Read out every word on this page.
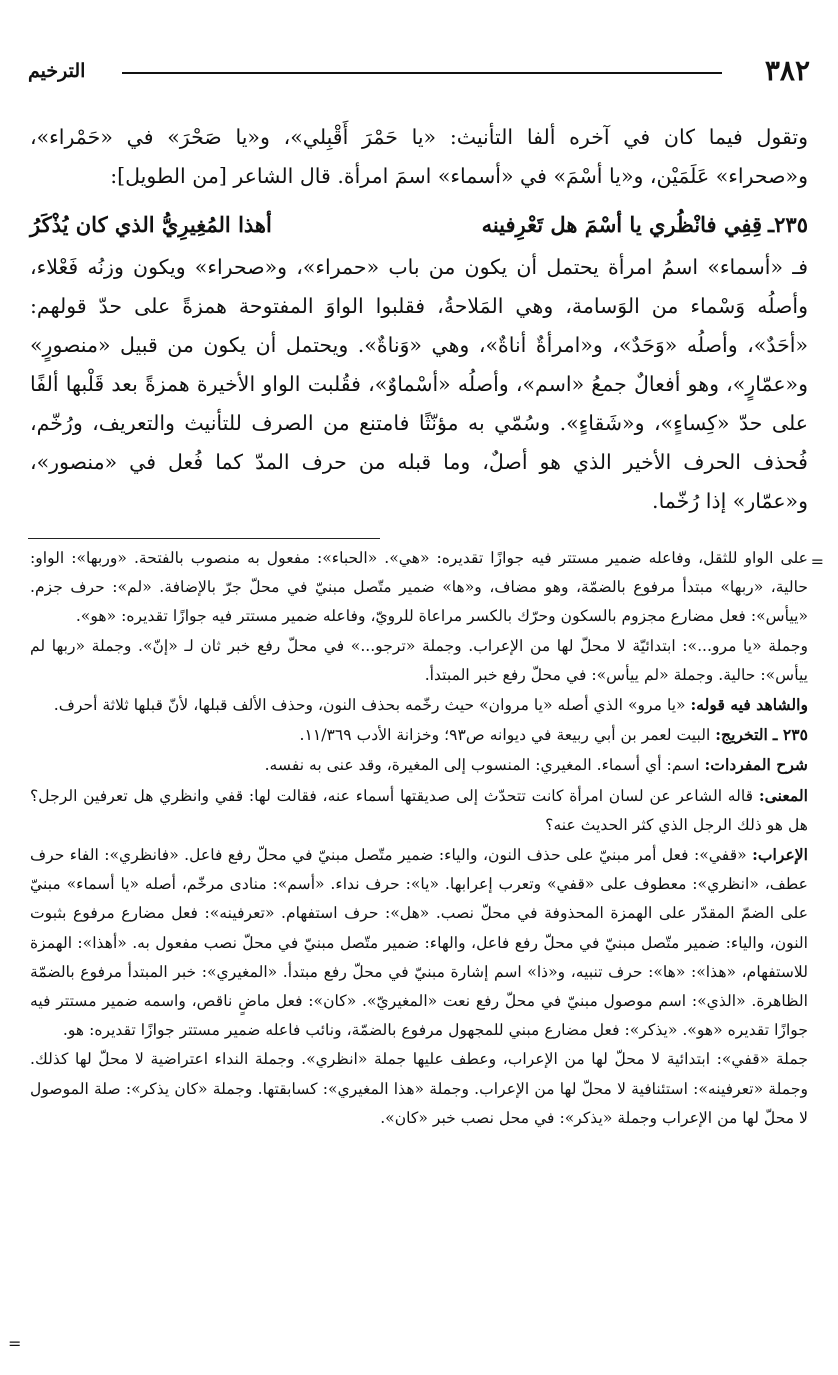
٣٨٢
الترخيم

وتقول فيما كان في آخره ألفا التأنيث: «يا حَمْرَ أَقْبِلي»، و«يا صَحْرَ» في «حَمْراء»، و«صحراء» عَلَمَيْن، و«يا أسْمَ» في «أسماء» اسمَ امرأة. قال الشاعر [من الطويل]:

٢٣٥ـ
قِفِي فانْظُري يا أسْمَ هل تَعْرِفينه
أهذا المُغِيرِيُّ الذي كان يُذْكَرُ

فـ «أسماء» اسمُ امرأة يحتمل أن يكون من باب «حمراء»، و«صحراء» ويكون وزنُه فَعْلاء، وأصلُه وَسْماء من الوَسامة، وهي المَلاحةُ، فقلبوا الواوَ المفتوحة همزةً على حدّ قولهم: «أحَدٌ»، وأصلُه «وَحَدٌ»، و«امرأةٌ أناةٌ»، وهي «وَناةٌ». ويحتمل أن يكون من قبيل «منصورٍ» و«عمّارٍ»، وهو أفعالٌ جمعُ «اسم»، وأصلُه «أسْماوٌ»، فقُلبت الواو الأخيرة همزةً بعد قَلْبها ألفًا على حدّ «كِساءٍ»، و«شَقاءٍ». وسُمّي به مؤنّثًا فامتنع من الصرف للتأنيث والتعريف، ورُخّم، فُحذف الحرف الأخير الذي هو أصلٌ، وما قبله من حرف المدّ كما فُعل في «منصور»، و«عمّار» إذا رُخّما.

=

على الواو للثقل، وفاعله ضمير مستتر فيه جوازًا تقديره: «هي». «الحباء»: مفعول به منصوب بالفتحة. «وربها»: الواو: حالية، «ربها» مبتدأ مرفوع بالضمّة، وهو مضاف، و«ها» ضمير متّصل مبنيّ في محلّ جرّ بالإضافة. «لم»: حرف جزم. «ييأس»: فعل مضارع مجزوم بالسكون وحرّك بالكسر مراعاة للرويّ، وفاعله ضمير مستتر فيه جوازًا تقديره: «هو».

وجملة «يا مرو...»: ابتدائيّة لا محلّ لها من الإعراب. وجملة «ترجو...» في محلّ رفع خبر ثان لـ «إنّ». وجملة «ربها لم ييأس»: حالية. وجملة «لم ييأس»: في محلّ رفع خبر المبتدأ.

والشاهد فيه قوله: «يا مرو» الذي أصله «يا مروان» حيث رخّمه بحذف النون، وحذف الألف قبلها، لأنّ قبلها ثلاثة أحرف.

٢٣٥ ـ التخريج: البيت لعمر بن أبي ربيعة في ديوانه ص٩٣؛ وخزانة الأدب ١١/٣٦٩.

شرح المفردات: اسم: أي أسماء. المغيري: المنسوب إلى المغيرة، وقد عنى به نفسه.

المعنى: قاله الشاعر عن لسان امرأة كانت تتحدّث إلى صديقتها أسماء عنه، فقالت لها: قفي وانظري هل تعرفين الرجل؟ هل هو ذلك الرجل الذي كثر الحديث عنه؟

الإعراب: «قفي»: فعل أمر مبنيّ على حذف النون، والياء: ضمير متّصل مبنيّ في محلّ رفع فاعل. «فانظري»: الفاء حرف عطف، «انظري»: معطوف على «قفي» وتعرب إعرابها. «يا»: حرف نداء. «أسم»: منادى مرخّم، أصله «يا أسماء» مبنيّ على الضمّ المقدّر على الهمزة المحذوفة في محلّ نصب. «هل»: حرف استفهام. «تعرفينه»: فعل مضارع مرفوع بثبوت النون، والياء: ضمير متّصل مبنيّ في محلّ رفع فاعل، والهاء: ضمير متّصل مبنيّ في محلّ نصب مفعول به. «أهذا»: الهمزة للاستفهام، «هذا»: «ها»: حرف تنبيه، و«ذا» اسم إشارة مبنيّ في محلّ رفع مبتدأ. «المغيري»: خبر المبتدأ مرفوع بالضمّة الظاهرة. «الذي»: اسم موصول مبنيّ في محلّ رفع نعت «المغيريّ». «كان»: فعل ماضٍ ناقص، واسمه ضمير مستتر فيه جوازًا تقديره «هو». «يذكر»: فعل مضارع مبني للمجهول مرفوع بالضمّة، ونائب فاعله ضمير مستتر جوازًا تقديره: هو.

جملة «قفي»: ابتدائية لا محلّ لها من الإعراب، وعطف عليها جملة «انظري». وجملة النداء اعتراضية لا محلّ لها كذلك. وجملة «تعرفينه»: استئنافية لا محلّ لها من الإعراب. وجملة «هذا المغيري»: كسابقتها. وجملة «كان يذكر»: صلة الموصول لا محلّ لها من الإعراب وجملة «يذكر»: في محل نصب خبر «كان».

=
